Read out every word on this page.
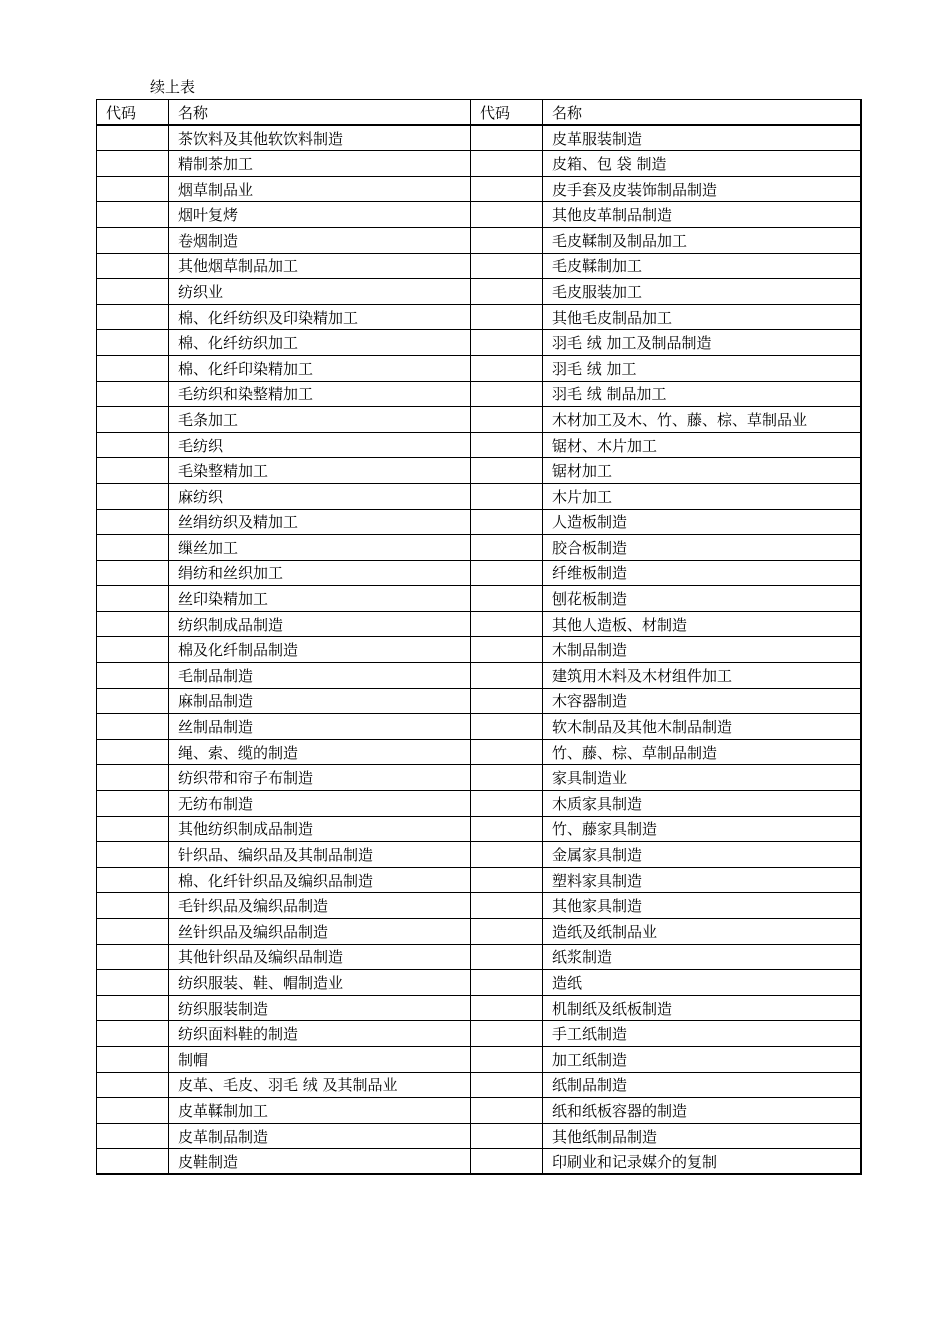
续上表
代码	名称	代码	名称
	茶饮料及其他软饮料制造		皮革服装制造
	精制茶加工		皮箱、包 袋 制造
	烟草制品业		皮手套及皮装饰制品制造
	烟叶复烤		其他皮革制品制造
	卷烟制造		毛皮鞣制及制品加工
	其他烟草制品加工		毛皮鞣制加工
	纺织业		毛皮服装加工
	棉、化纤纺织及印染精加工		其他毛皮制品加工
	棉、化纤纺织加工		羽毛 绒 加工及制品制造
	棉、化纤印染精加工		羽毛 绒 加工
	毛纺织和染整精加工		羽毛 绒 制品加工
	毛条加工		木材加工及木、竹、藤、棕、草制品业
	毛纺织		锯材、木片加工
	毛染整精加工		锯材加工
	麻纺织		木片加工
	丝绢纺织及精加工		人造板制造
	缫丝加工		胶合板制造
	绢纺和丝织加工		纤维板制造
	丝印染精加工		刨花板制造
	纺织制成品制造		其他人造板、材制造
	棉及化纤制品制造		木制品制造
	毛制品制造		建筑用木料及木材组件加工
	麻制品制造		木容器制造
	丝制品制造		软木制品及其他木制品制造
	绳、索、缆的制造		竹、藤、棕、草制品制造
	纺织带和帘子布制造		家具制造业
	无纺布制造		木质家具制造
	其他纺织制成品制造		竹、藤家具制造
	针织品、编织品及其制品制造		金属家具制造
	棉、化纤针织品及编织品制造		塑料家具制造
	毛针织品及编织品制造		其他家具制造
	丝针织品及编织品制造		造纸及纸制品业
	其他针织品及编织品制造		纸浆制造
	纺织服装、鞋、帽制造业		造纸
	纺织服装制造		机制纸及纸板制造
	纺织面料鞋的制造		手工纸制造
	制帽		加工纸制造
	皮革、毛皮、羽毛 绒 及其制品业		纸制品制造
	皮革鞣制加工		纸和纸板容器的制造
	皮革制品制造		其他纸制品制造
	皮鞋制造		印刷业和记录媒介的复制
